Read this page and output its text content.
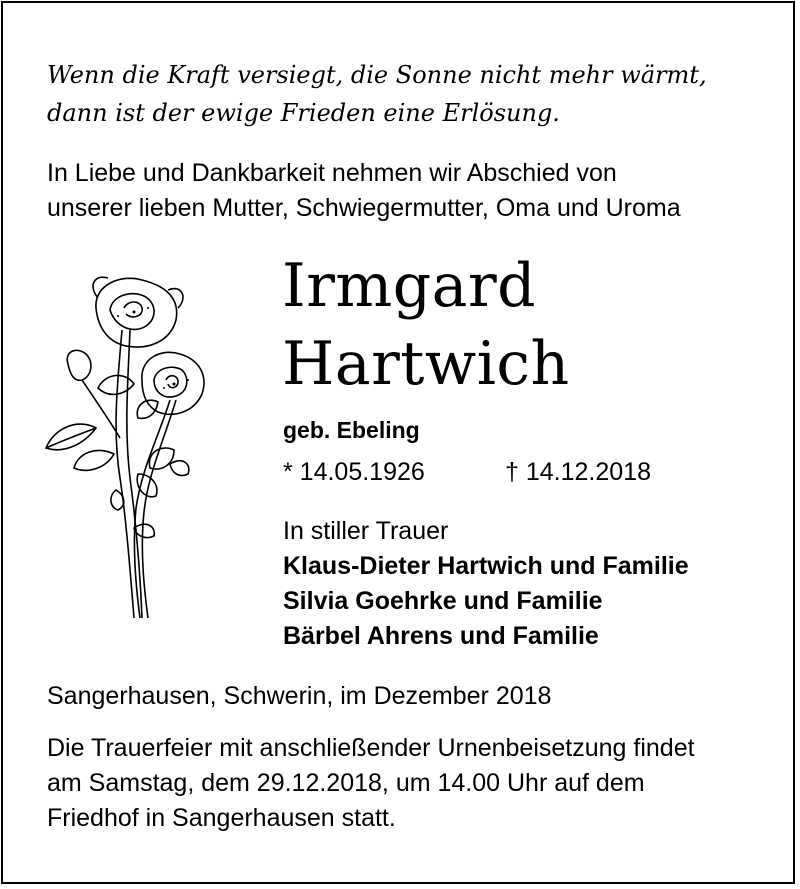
Wenn die Kraft versiegt, die Sonne nicht mehr wärmt,

dann ist der ewige Frieden eine Erlösung.

In Liebe und Dankbarkeit nehmen wir Abschied von

unserer lieben Mutter, Schwiegermutter, Oma und Uroma

Irmgard

Hartwich

geb. Ebeling

* 14.05.1926	† 14.12.2018

In stiller Trauer

Klaus-Dieter Hartwich und Familie

Silvia Goehrke und Familie

Bärbel Ahrens und Familie

Sangerhausen, Schwerin, im Dezember 2018

Die Trauerfeier mit anschließender Urnenbeisetzung findet

am Samstag, dem 29.12.2018, um 14.00 Uhr auf dem

Friedhof in Sangerhausen statt.
